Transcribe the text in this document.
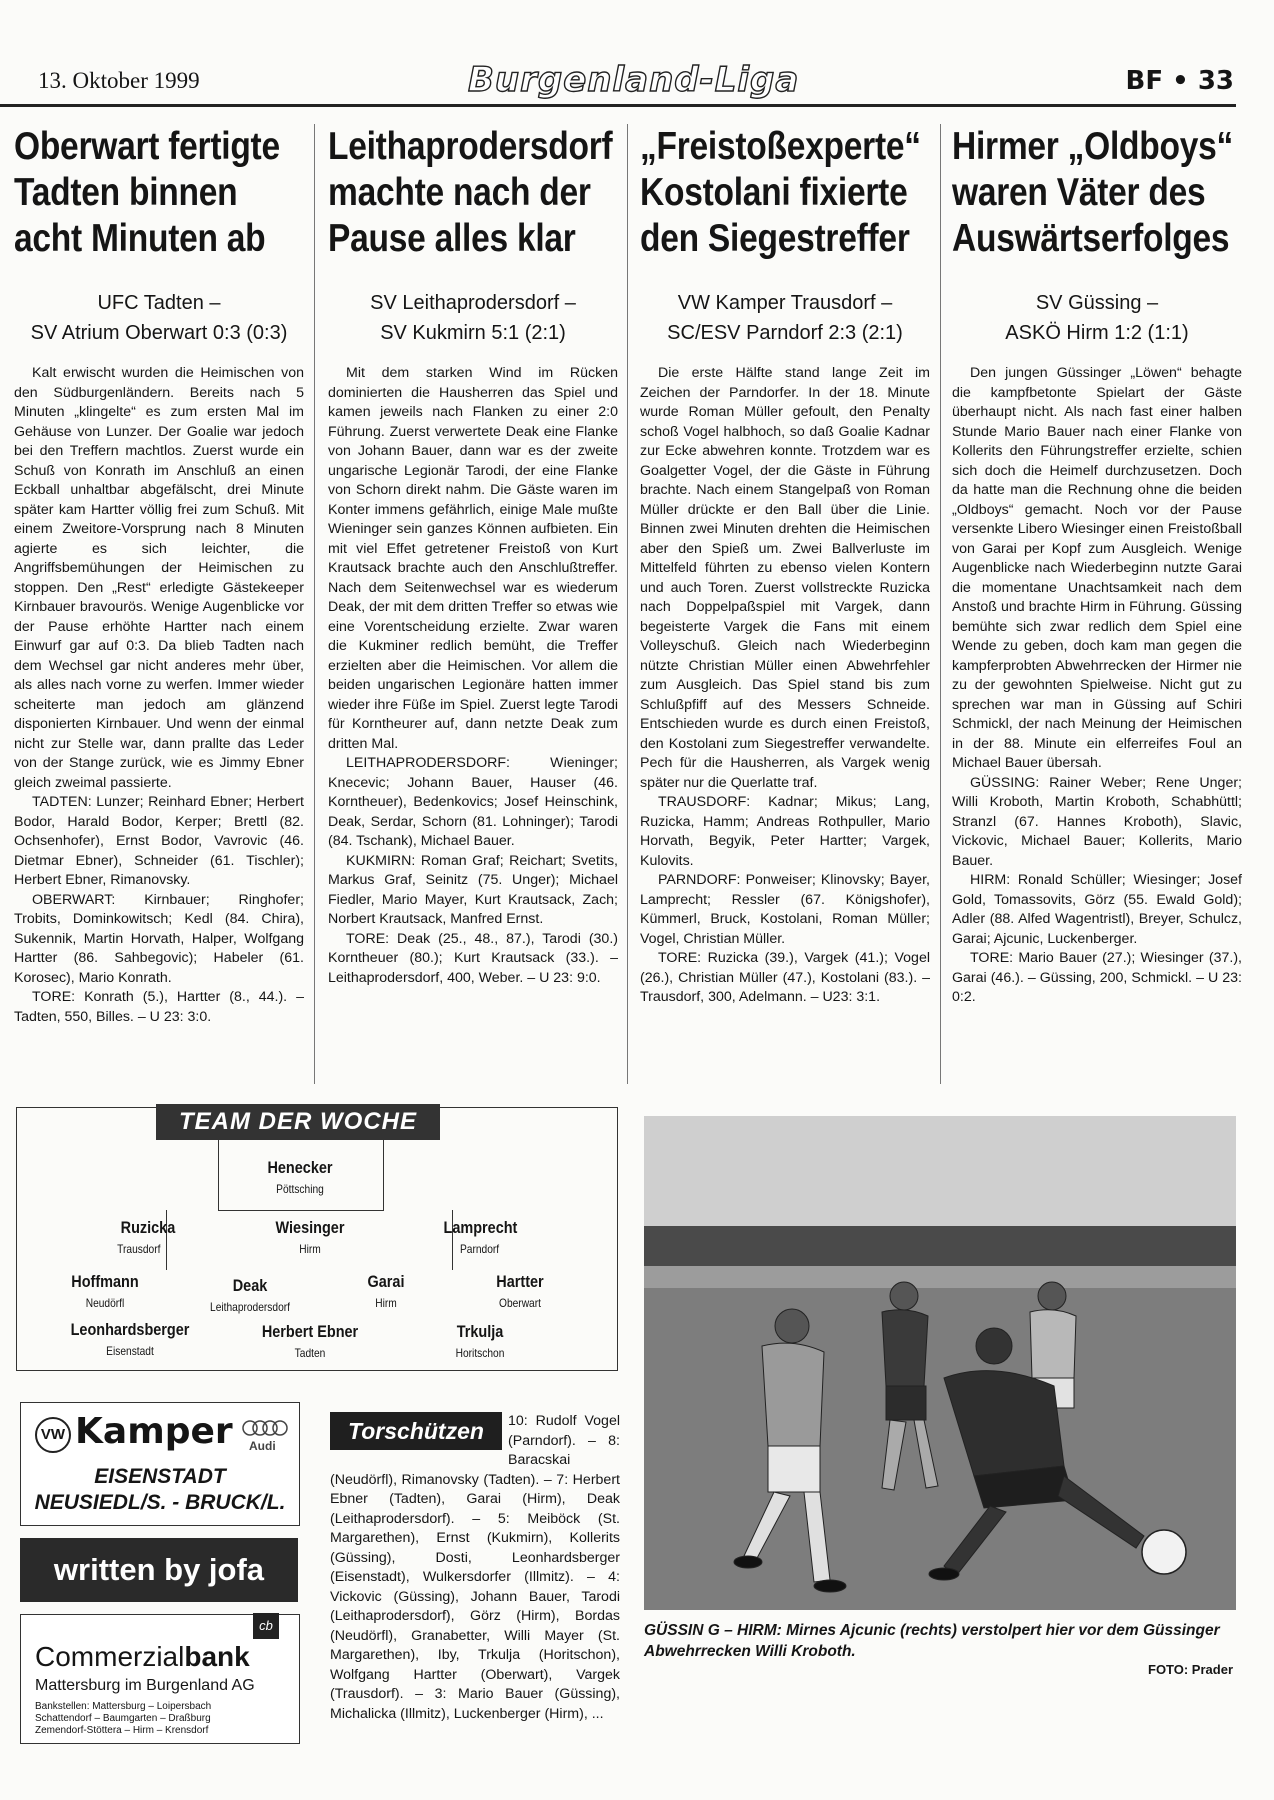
13. Oktober 1999	Burgenland-Liga	BF • 33
Oberwart fertigte Tadten binnen acht Minuten ab
UFC Tadten –
SV Atrium Oberwart 0:3 (0:3)

Kalt erwischt wurden die Heimischen von den Südburgenländern. Bereits nach 5 Minuten „klingelte“ es zum ersten Mal im Gehäuse von Lunzer. Der Goalie war jedoch bei den Treffern machtlos. Zuerst wurde ein Schuß von Konrath im Anschluß an einen Eckball unhaltbar abgefälscht, drei Minute später kam Hartter völlig frei zum Schuß. Mit einem Zweitore-Vorsprung nach 8 Minuten agierte es sich leichter, die Angriffsbemühungen der Heimischen zu stoppen. Den „Rest“ erledigte Gästekeeper Kirnbauer bravourös. Wenige Augenblicke vor der Pause erhöhte Hartter nach einem Einwurf gar auf 0:3. Da blieb Tadten nach dem Wechsel gar nicht anderes mehr über, als alles nach vorne zu werfen. Immer wieder scheiterte man jedoch am glänzend disponierten Kirnbauer. Und wenn der einmal nicht zur Stelle war, dann prallte das Leder von der Stange zurück, wie es Jimmy Ebner gleich zweimal passierte.

TADTEN: Lunzer; Reinhard Ebner; Herbert Bodor, Harald Bodor, Kerper; Brettl (82. Ochsenhofer), Ernst Bodor, Vavrovic (46. Dietmar Ebner), Schneider (61. Tischler); Herbert Ebner, Rimanovsky.

OBERWART: Kirnbauer; Ringhofer; Trobits, Dominkowitsch; Kedl (84. Chira), Sukennik, Martin Horvath, Halper, Wolfgang Hartter (86. Sahbegovic); Habeler (61. Korosec), Mario Konrath.

TORE: Konrath (5.), Hartter (8., 44.). – Tadten, 550, Billes. – U 23: 3:0.

Leithaprodersdorf machte nach der Pause alles klar
SV Leithaprodersdorf –
SV Kukmirn 5:1 (2:1)

Mit dem starken Wind im Rücken dominierten die Hausherren das Spiel und kamen jeweils nach Flanken zu einer 2:0 Führung. Zuerst verwertete Deak eine Flanke von Johann Bauer, dann war es der zweite ungarische Legionär Tarodi, der eine Flanke von Schorn direkt nahm. Die Gäste waren im Konter immens gefährlich, einige Male mußte Wieninger sein ganzes Können aufbieten. Ein mit viel Effet getretener Freistoß von Kurt Krautsack brachte auch den Anschlußtreffer. Nach dem Seitenwechsel war es wiederum Deak, der mit dem dritten Treffer so etwas wie eine Vorentscheidung erzielte. Zwar waren die Kukminer redlich bemüht, die Treffer erzielten aber die Heimischen. Vor allem die beiden ungarischen Legionäre hatten immer wieder ihre Füße im Spiel. Zuerst legte Tarodi für Korntheurer auf, dann netzte Deak zum dritten Mal.

LEITHAPRODERSDORF: Wieninger; Knecevic; Johann Bauer, Hauser (46. Korntheuer), Bedenkovics; Josef Heinschink, Deak, Serdar, Schorn (81. Lohninger); Tarodi (84. Tschank), Michael Bauer.

KUKMIRN: Roman Graf; Reichart; Svetits, Markus Graf, Seinitz (75. Unger); Michael Fiedler, Mario Mayer, Kurt Krautsack, Zach; Norbert Krautsack, Manfred Ernst.

TORE: Deak (25., 48., 87.), Tarodi (30.) Korntheuer (80.); Kurt Krautsack (33.). – Leithaprodersdorf, 400, Weber. – U 23: 9:0.

„Freistoßexperte“ Kostolani fixierte den Siegestreffer
VW Kamper Trausdorf –
SC/ESV Parndorf 2:3 (2:1)

Die erste Hälfte stand lange Zeit im Zeichen der Parndorfer. In der 18. Minute wurde Roman Müller gefoult, den Penalty schoß Vogel halbhoch, so daß Goalie Kadnar zur Ecke abwehren konnte. Trotzdem war es Goalgetter Vogel, der die Gäste in Führung brachte. Nach einem Stangelpaß von Roman Müller drückte er den Ball über die Linie. Binnen zwei Minuten drehten die Heimischen aber den Spieß um. Zwei Ballverluste im Mittelfeld führten zu ebenso vielen Kontern und auch Toren. Zuerst vollstreckte Ruzicka nach Doppelpaßspiel mit Vargek, dann begeisterte Vargek die Fans mit einem Volleyschuß. Gleich nach Wiederbeginn nützte Christian Müller einen Abwehrfehler zum Ausgleich. Das Spiel stand bis zum Schlußpfiff auf des Messers Schneide. Entschieden wurde es durch einen Freistoß, den Kostolani zum Siegestreffer verwandelte. Pech für die Hausherren, als Vargek wenig später nur die Querlatte traf.

TRAUSDORF: Kadnar; Mikus; Lang, Ruzicka, Hamm; Andreas Rothpuller, Mario Horvath, Begyik, Peter Hartter; Vargek, Kulovits.

PARNDORF: Ponweiser; Klinovsky; Bayer, Lamprecht; Ressler (67. Königshofer), Kümmerl, Bruck, Kostolani, Roman Müller; Vogel, Christian Müller.

TORE: Ruzicka (39.), Vargek (41.); Vogel (26.), Christian Müller (47.), Kostolani (83.). – Trausdorf, 300, Adelmann. – U23: 3:1.

Hirmer „Oldboys“ waren Väter des Auswärtserfolges
SV Güssing –
ASKÖ Hirm 1:2 (1:1)

Den jungen Güssinger „Löwen“ behagte die kampfbetonte Spielart der Gäste überhaupt nicht. Als nach fast einer halben Stunde Mario Bauer nach einer Flanke von Kollerits den Führungstreffer erzielte, schien sich doch die Heimelf durchzusetzen. Doch da hatte man die Rechnung ohne die beiden „Oldboys“ gemacht. Noch vor der Pause versenkte Libero Wiesinger einen Freistoßball von Garai per Kopf zum Ausgleich. Wenige Augenblicke nach Wiederbeginn nutzte Garai die momentane Unachtsamkeit nach dem Anstoß und brachte Hirm in Führung. Güssing bemühte sich zwar redlich dem Spiel eine Wende zu geben, doch kam man gegen die kampferprobten Abwehrrecken der Hirmer nie zu der gewohnten Spielweise. Nicht gut zu sprechen war man in Güssing auf Schiri Schmickl, der nach Meinung der Heimischen in der 88. Minute ein elferreifes Foul an Michael Bauer übersah.

GÜSSING: Rainer Weber; Rene Unger; Willi Kroboth, Martin Kroboth, Schabhüttl; Stranzl (67. Hannes Kroboth), Slavic, Vickovic, Michael Bauer; Kollerits, Mario Bauer.

HIRM: Ronald Schüller; Wiesinger; Josef Gold, Tomassovits, Görz (55. Ewald Gold); Adler (88. Alfed Wagentristl), Breyer, Schulcz, Garai; Ajcunic, Luckenberger.

TORE: Mario Bauer (27.); Wiesinger (37.), Garai (46.). – Güssing, 200, Schmickl. – U 23: 0:2.

TEAM DER WOCHE
Henecker
Pöttsching
Ruzicka
Trausdorf
Wiesinger
Hirm
Lamprecht
Parndorf
Hoffmann
Neudörfl
Deak
Leithaprodersdorf
Garai
Hirm
Hartter
Oberwart
Leonhardsberger
Eisenstadt
Herbert Ebner
Tadten
Trkulja
Horitschon
VW Kamper Audi
EISENSTADT
NEUSIEDL/S. - BRUCK/L.
written by jofa
cb
Commerzialbank
Mattersburg im Burgenland AG
Bankstellen: Mattersburg – Loipersbach
Schattendorf – Baumgarten – Draßburg
Zemendorf-Stöttera – Hirm – Krensdorf
Torschützen	10: Rudolf Vogel (Parndorf). – 8: Baracskai (Neudörfl), Rimanovsky (Tadten). – 7: Herbert Ebner (Tadten), Garai (Hirm), Deak (Leithaprodersdorf). – 5: Meiböck (St. Margarethen), Ernst (Kukmirn), Kollerits (Güssing), Dosti, Leonhardsberger (Eisenstadt), Wulkersdorfer (Illmitz). – 4: Vickovic (Güssing), Johann Bauer, Tarodi (Leithaprodersdorf), Görz (Hirm), Bordas (Neudörfl), Granabetter, Willi Mayer (St. Margarethen), Iby, Trkulja (Horitschon), Wolfgang Hartter (Oberwart), Vargek (Trausdorf). – 3: Mario Bauer (Güssing), Michalicka (Illmitz), Luckenberger (Hirm), ...
GÜSSIN G – HIRM: Mirnes Ajcunic (rechts) verstolpert hier vor dem Güssinger Abwehrrecken Willi Kroboth.
FOTO: Prader
